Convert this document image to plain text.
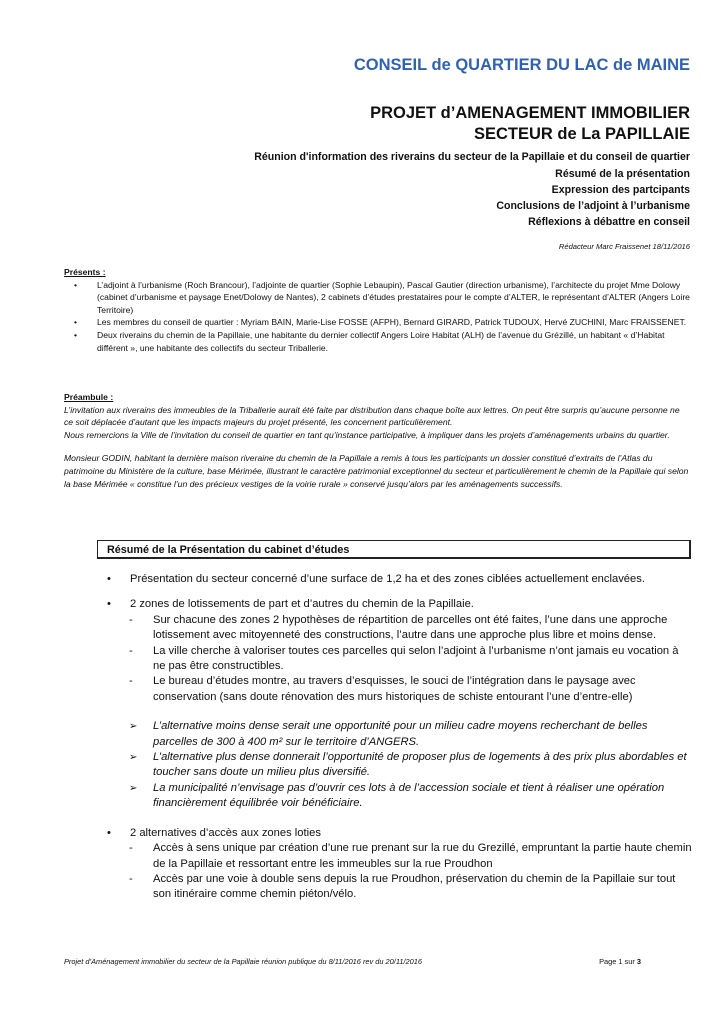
CONSEIL de QUARTIER DU LAC de MAINE
PROJET d’AMENAGEMENT IMMOBILIER
SECTEUR de La PAPILLAIE
Réunion d'information des riverains du secteur de la Papillaie et du conseil de quartier
Résumé de la présentation
Expression des partcipants
Conclusions de l’adjoint à l’urbanisme
Réflexions à débattre en conseil
Rédacteur Marc Fraissenet 18/11/2016
Présents :
• L’adjoint à l’urbanisme (Roch Brancour), l’adjointe de quartier (Sophie Lebaupin), Pascal Gautier (direction urbanisme), l’architecte du projet Mme Dolowy (cabinet d’urbanisme et paysage Enet/Dolowy de Nantes), 2 cabinets d’études prestataires pour le compte d’ALTER, le représentant d’ALTER (Angers Loire Territoire)
• Les membres du conseil de quartier : Myriam BAIN, Marie-Lise FOSSE (AFPH), Bernard GIRARD, Patrick TUDOUX, Hervé ZUCHINI, Marc FRAISSENET.
• Deux riverains du chemin de la Papillaie, une habitante du dernier collectif Angers Loire Habitat (ALH) de l’avenue du Grézillé, un habitant « d’Habitat différent », une habitante des collectifs du secteur Triballerie.
Préambule :
L’invitation aux riverains des immeubles de la Triballerie aurait été faite par distribution dans chaque boîte aux lettres. On peut être surpris qu’aucune personne ne ce soit déplacée d’autant que les impacts majeurs du projet présenté, les concernent particulièrement.
Nous remercions la Ville de l’invitation du conseil de quartier en tant qu’instance participative, à impliquer dans les projets d’aménagements urbains du quartier.
Monsieur GODIN, habitant la dernière maison riveraine du chemin de la Papillaie a remis à tous les participants un dossier constitué d’extraits de l’Atlas du patrimoine du Ministère de la culture, base Mérimée, illustrant le caractère patrimonial exceptionnel du secteur et particulièrement le chemin de la Papillaie qui selon la base Mérimée « constitue l’un des précieux vestiges de la voirie rurale » conservé jusqu’alors par les aménagements successifs.
Résumé de la Présentation du cabinet d’études
• Présentation du secteur concerné d’une surface de 1,2 ha et des zones ciblées actuellement enclavées.
• 2 zones de lotissements de part et d’autres du chemin de la Papillaie.
- Sur chacune des zones 2 hypothèses de répartition de parcelles ont été faites, l’une dans une approche lotissement avec mitoyenneté des constructions, l’autre dans une approche plus libre et moins dense.
- La ville cherche à valoriser toutes ces parcelles qui selon l’adjoint à l’urbanisme n’ont jamais eu vocation à ne pas être constructibles.
- Le bureau d’études montre, au travers d’esquisses, le souci de l’intégration dans le paysage avec conservation (sans doute rénovation des murs historiques de schiste entourant l’une d’entre-elle)
➢ L’alternative moins dense serait une opportunité pour un milieu cadre moyens recherchant de belles parcelles de 300 à 400 m² sur le territoire d’ANGERS.
➢ L’alternative plus dense donnerait l’opportunité de proposer plus de logements à des prix plus abordables et toucher sans doute un milieu plus diversifié.
➢ La municipalité n’envisage pas d’ouvrir ces lots à de l’accession sociale et tient à réaliser une opération financièrement équilibrée voir bénéficiaire.
• 2 alternatives d’accès aux zones loties
- Accès à sens unique par création d’une rue prenant sur la rue du Grezillé, empruntant la partie haute chemin de la Papillaie et ressortant entre les immeubles sur la rue Proudhon
- Accès par une voie à double sens depuis la rue Proudhon, préservation du chemin de la Papillaie sur tout son itinéraire comme chemin piéton/vélo.
Projet d’Aménagement immobilier du secteur de la Papillaie réunion publique du 8/11/2016 rev du 20/11/2016	Page 1 sur 3
